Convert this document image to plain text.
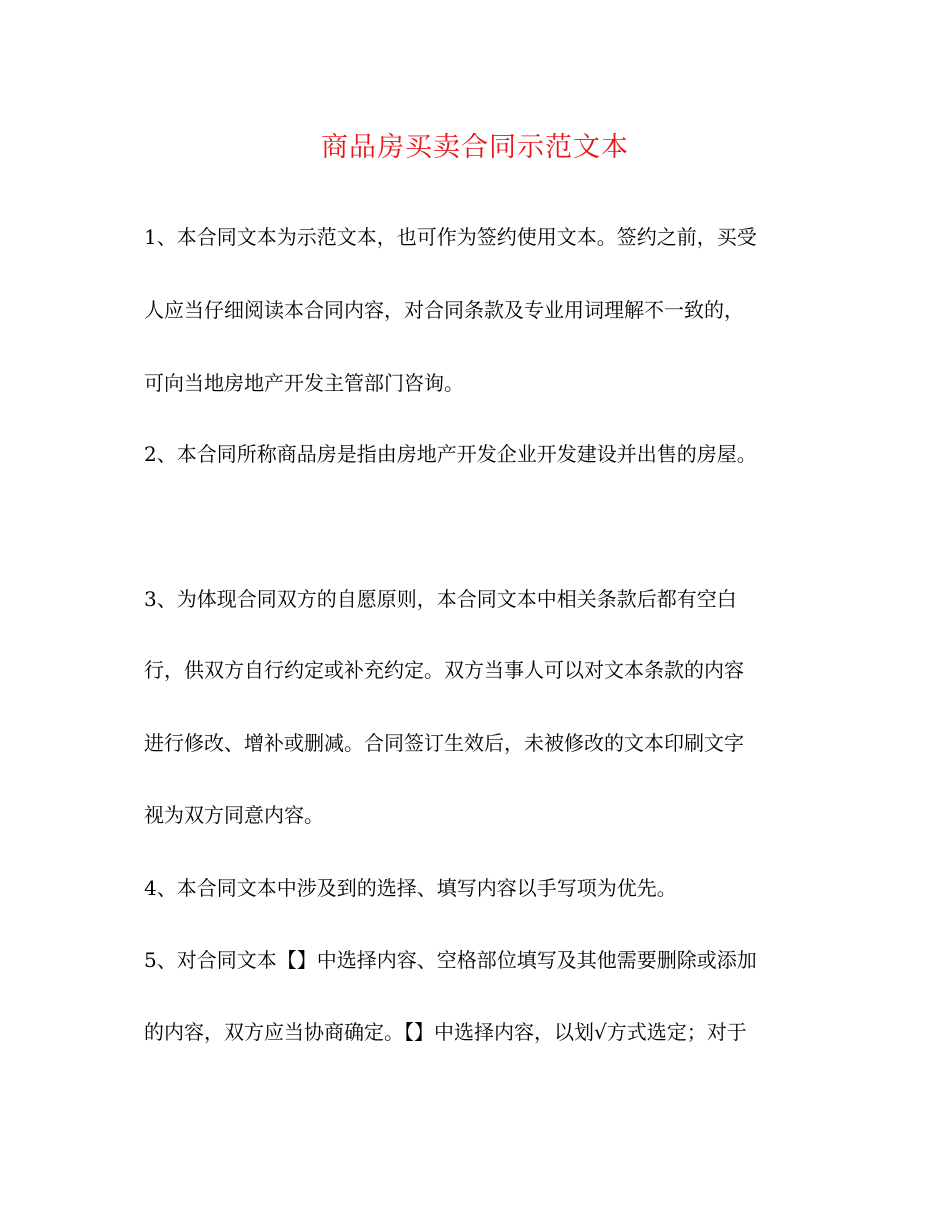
商品房买卖合同示范文本
1、本合同文本为示范文本，也可作为签约使用文本。签约之前，买受
人应当仔细阅读本合同内容，对合同条款及专业用词理解不一致的，
可向当地房地产开发主管部门咨询。
2、本合同所称商品房是指由房地产开发企业开发建设并出售的房屋。
3、为体现合同双方的自愿原则，本合同文本中相关条款后都有空白
行，供双方自行约定或补充约定。双方当事人可以对文本条款的内容
进行修改、增补或删减。合同签订生效后，未被修改的文本印刷文字
视为双方同意内容。
4、本合同文本中涉及到的选择、填写内容以手写项为优先。
5、对合同文本【】中选择内容、空格部位填写及其他需要删除或添加
的内容，双方应当协商确定。【】中选择内容，以划√方式选定；对于
